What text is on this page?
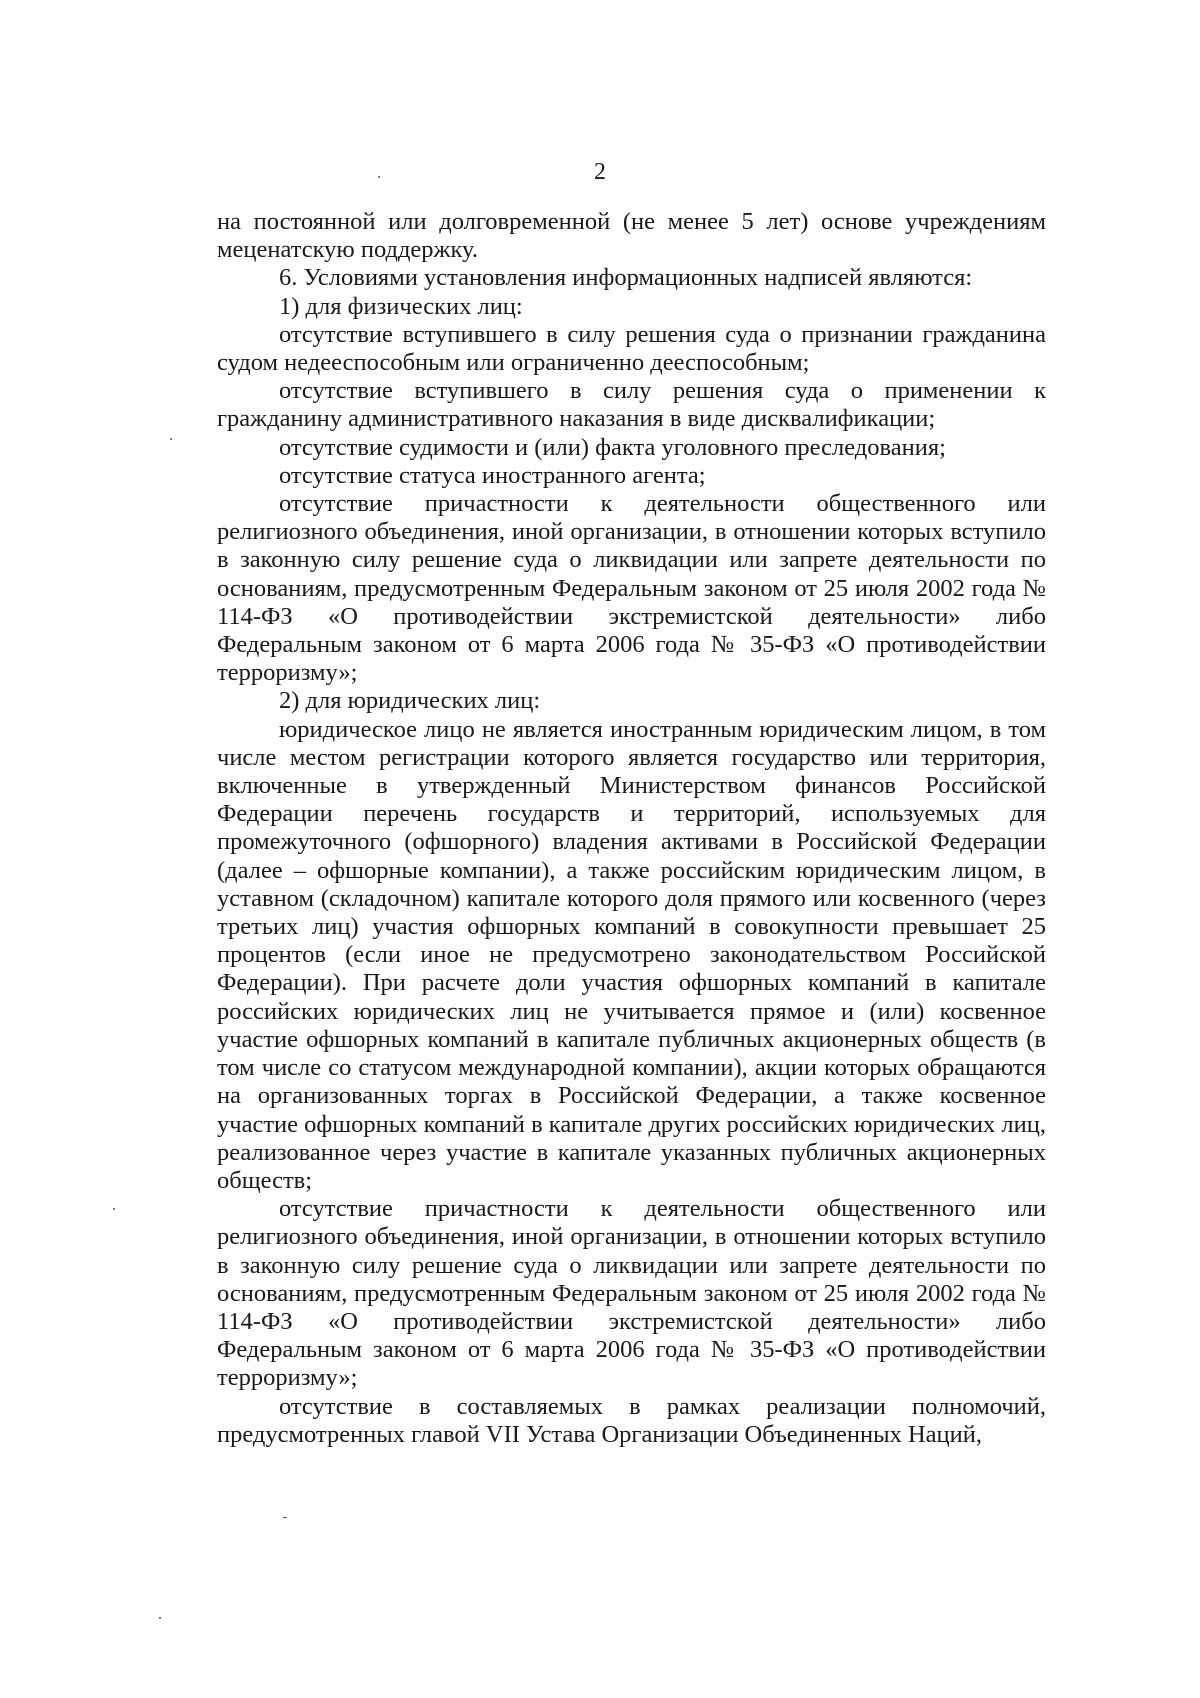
2

на постоянной или долговременной (не менее 5 лет) основе учреждениям меценатскую поддержку.

6. Условиями установления информационных надписей являются:

1) для физических лиц:

отсутствие вступившего в силу решения суда о признании гражданина судом недееспособным или ограниченно дееспособным;

отсутствие вступившего в силу решения суда о применении к гражданину административного наказания в виде дисквалификации;

отсутствие судимости и (или) факта уголовного преследования;

отсутствие статуса иностранного агента;

отсутствие причастности к деятельности общественного или религиозного объединения, иной организации, в отношении которых вступило в законную силу решение суда о ликвидации или запрете деятельности по основаниям, предусмотренным Федеральным законом от 25 июля 2002 года № 114-ФЗ «О противодействии экстремистской деятельности» либо Федеральным законом от 6 марта 2006 года № 35-ФЗ «О противодействии терроризму»;

2) для юридических лиц:

юридическое лицо не является иностранным юридическим лицом, в том числе местом регистрации которого является государство или территория, включенные в утвержденный Министерством финансов Российской Федерации перечень государств и территорий, используемых для промежуточного (офшорного) владения активами в Российской Федерации (далее – офшорные компании), а также российским юридическим лицом, в уставном (складочном) капитале которого доля прямого или косвенного (через третьих лиц) участия офшорных компаний в совокупности превышает 25 процентов (если иное не предусмотрено законодательством Российской Федерации). При расчете доли участия офшорных компаний в капитале российских юридических лиц не учитывается прямое и (или) косвенное участие офшорных компаний в капитале публичных акционерных обществ (в том числе со статусом международной компании), акции которых обращаются на организованных торгах в Российской Федерации, а также косвенное участие офшорных компаний в капитале других российских юридических лиц, реализованное через участие в капитале указанных публичных акционерных обществ;

отсутствие причастности к деятельности общественного или религиозного объединения, иной организации, в отношении которых вступило в законную силу решение суда о ликвидации или запрете деятельности по основаниям, предусмотренным Федеральным законом от 25 июля 2002 года № 114-ФЗ «О противодействии экстремистской деятельности» либо Федеральным законом от 6 марта 2006 года № 35-ФЗ «О противодействии терроризму»;

отсутствие в составляемых в рамках реализации полномочий, предусмотренных главой VII Устава Организации Объединенных Наций,
